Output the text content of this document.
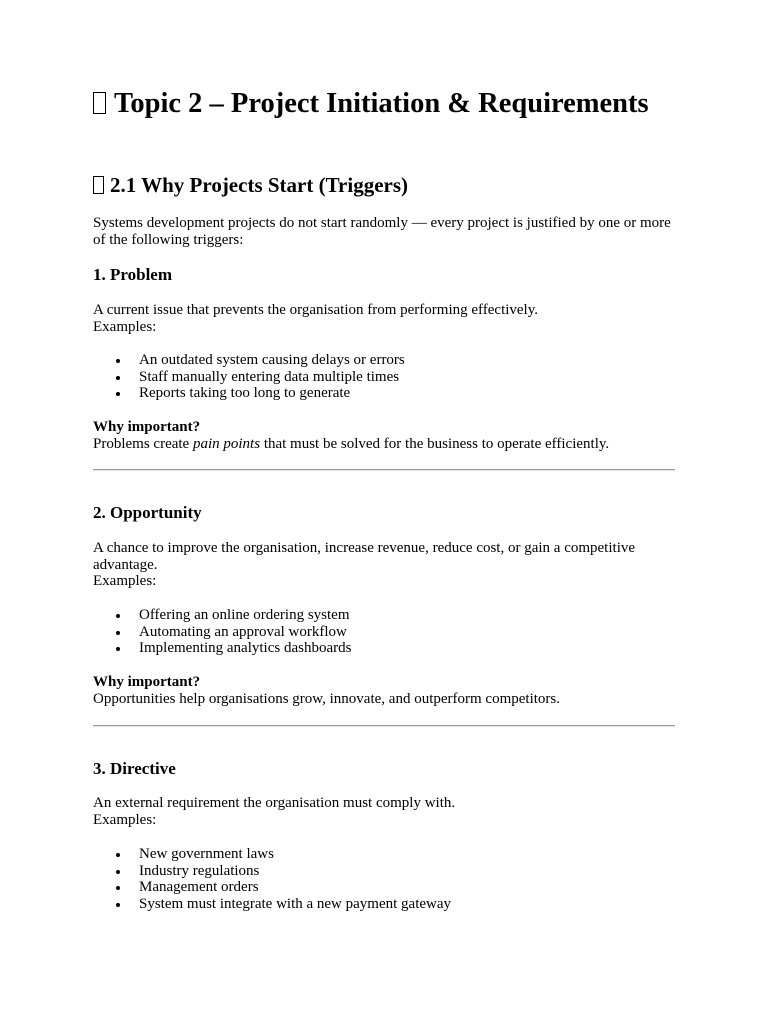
Topic 2 – Project Initiation & Requirements
2.1 Why Projects Start (Triggers)

Systems development projects do not start randomly — every project is justified by one or more of the following triggers:

1. Problem

A current issue that prevents the organisation from performing effectively.
Examples:

An outdated system causing delays or errors
Staff manually entering data multiple times
Reports taking too long to generate

Why important?
Problems create pain points that must be solved for the business to operate efficiently.

2. Opportunity

A chance to improve the organisation, increase revenue, reduce cost, or gain a competitive advantage.
Examples:

Offering an online ordering system
Automating an approval workflow
Implementing analytics dashboards

Why important?
Opportunities help organisations grow, innovate, and outperform competitors.

3. Directive

An external requirement the organisation must comply with.
Examples:

New government laws
Industry regulations
Management orders
System must integrate with a new payment gateway
